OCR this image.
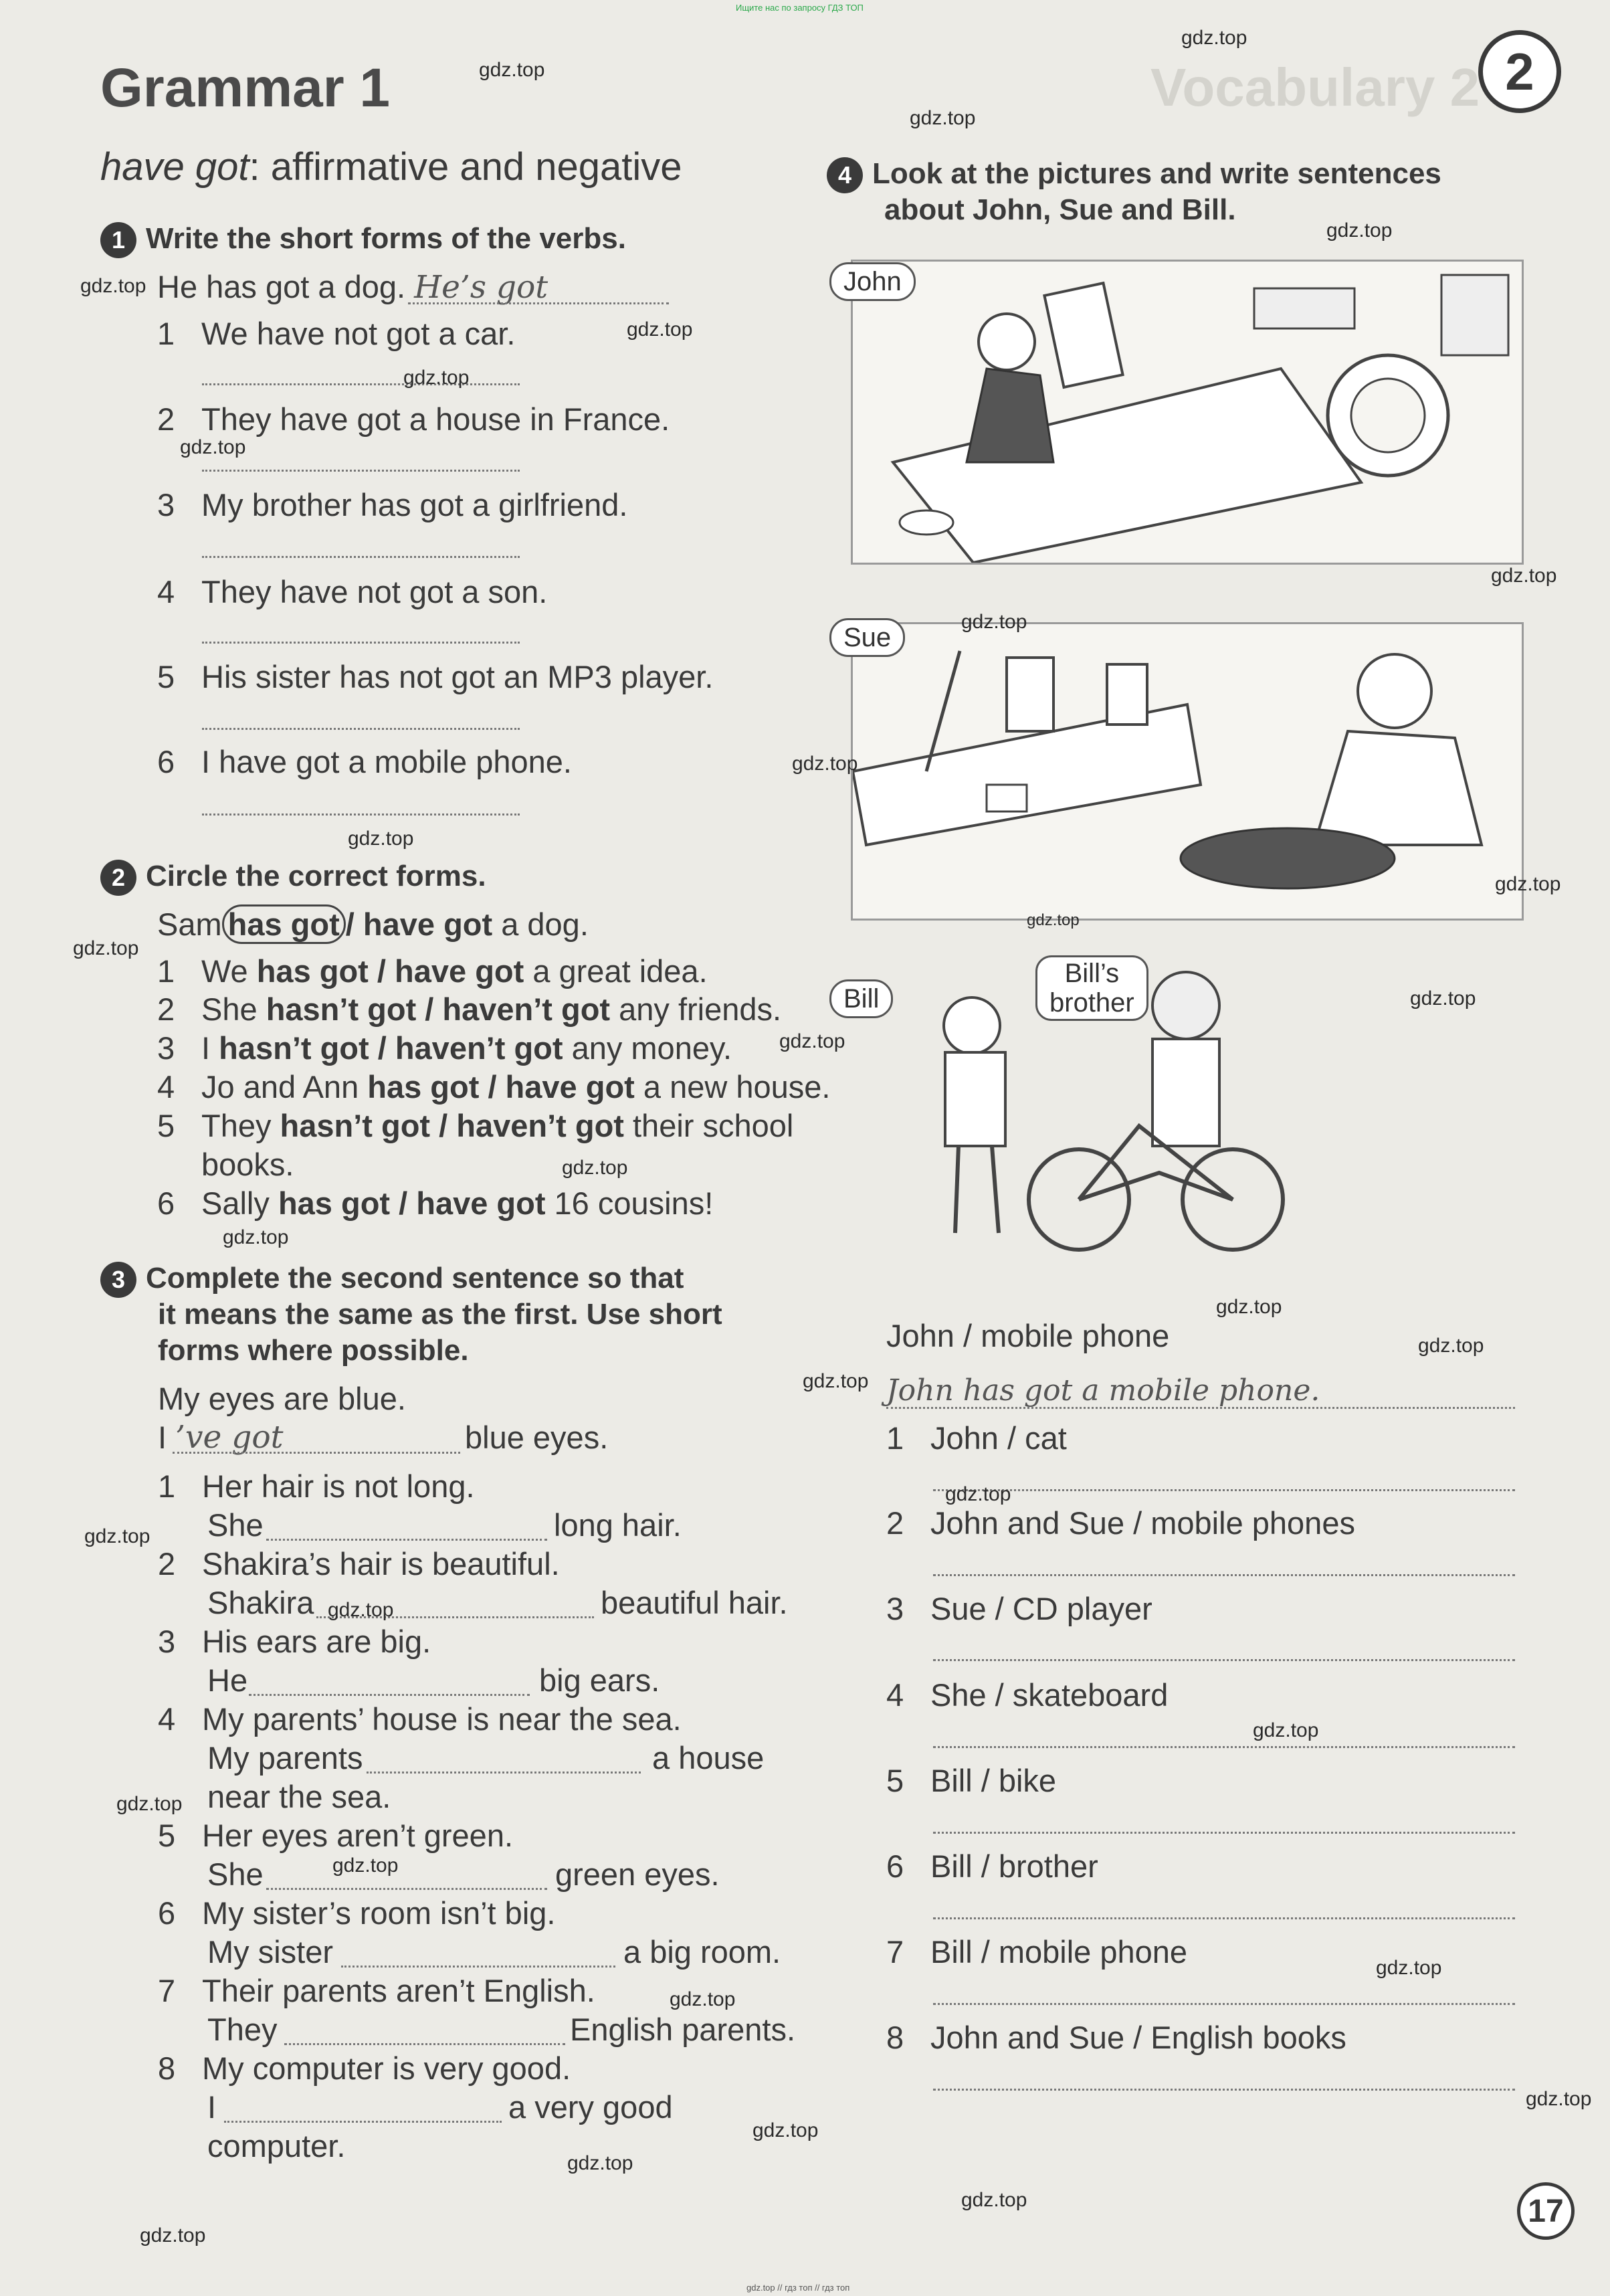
Ищите нас по запросу ГДЗ ТОП
gdz.top // гдз топ // гдз топ
Vocabulary 2 2
Grammar 1
have got: affirmative and negative
1 Write the short forms of the verbs.
He has got a dog. He’s got
1 We have not got a car.
2 They have got a house in France.
3 My brother has got a girlfriend.
4 They have not got a son.
5 His sister has not got an MP3 player.
6 I have got a mobile phone.
2 Circle the correct forms.
Sam has got / have got a dog.
1 We has got / have got a great idea.
2 She hasn’t got / haven’t got any friends.
3 I hasn’t got / haven’t got any money.
4 Jo and Ann has got / have got a new house.
5 They hasn’t got / haven’t got their school
books.
6 Sally has got / have got 16 cousins!
3 Complete the second sentence so that
it means the same as the first. Use short
forms where possible.
My eyes are blue.
I ’ve got	blue eyes.
1 Her hair is not long.
She	long hair.
2 Shakira’s hair is beautiful.
Shakira	beautiful hair.
3 His ears are big.
He	big ears.
4 My parents’ house is near the sea.
My parents	a house
near the sea.
5 Her eyes aren’t green.
She	green eyes.
6 My sister’s room isn’t big.
My sister	a big room.
7 Their parents aren’t English.
They	English parents.
8 My computer is very good.
I	a very good
computer.
4 Look at the pictures and write sentences
about John, Sue and Bill.
John
Sue
Bill
Bill’s
brother
John / mobile phone
John has got a mobile phone.
1 John / cat
2 John and Sue / mobile phones
3 Sue / CD player
4 She / skateboard
5 Bill / bike
6 Bill / brother
7 Bill / mobile phone
8 John and Sue / English books
17
gdz.top
gdz.top
gdz.top
gdz.top
gdz.top
gdz.top
gdz.top
gdz.top
gdz.top
gdz.top
gdz.top
gdz.top
gdz.top
gdz.top
gdz.top
gdz.top
gdz.top
gdz.top
gdz.top
gdz.top
gdz.top
gdz.top
gdz.top
gdz.top
gdz.top
gdz.top
gdz.top
gdz.top
gdz.top
gdz.top
gdz.top
gdz.top
gdz.top
gdz.top
gdz.top
